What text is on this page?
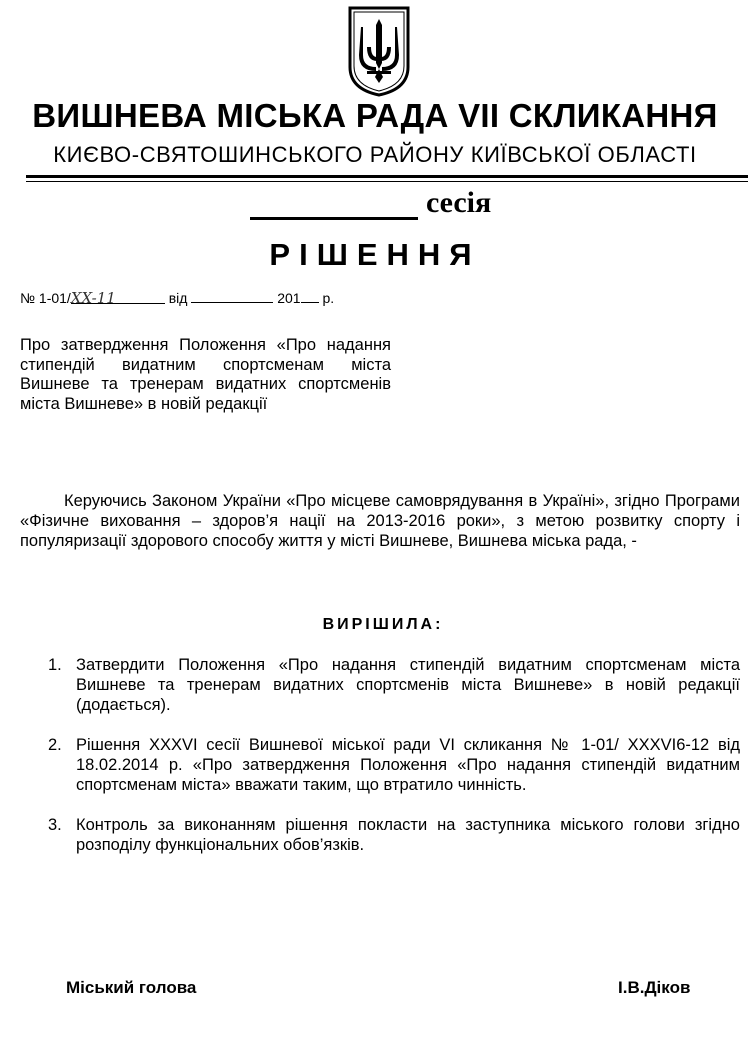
ВИШНЕВА МІСЬКА РАДА VII СКЛИКАННЯ
КИЄВО-СВЯТОШИНСЬКОГО РАЙОНУ КИЇВСЬКОЇ ОБЛАСТІ
сесія
РІШЕННЯ
№ 1-01/XX-11	від	201 р.

Про затвердження Положення «Про надання стипендій видатним спортсменам міста Вишневе та тренерам видатних спортсменів міста Вишневе» в новій редакції

Керуючись Законом України «Про місцеве самоврядування в Україні», згідно Програми «Фізичне виховання – здоров’я нації на 2013-2016 роки», з метою розвитку спорту і популяризації здорового способу життя у місті Вишневе, Вишнева міська рада, -
ВИРІШИЛА:
1. Затвердити Положення «Про надання стипендій видатним спортсменам міста Вишневе та тренерам видатних спортсменів міста Вишневе» в новій редакції (додається).
2. Рішення XXXVI сесії Вишневої міської ради VI скликання № 1-01/ XXXVI6-12 від 18.02.2014 р. «Про затвердження Положення «Про надання стипендій видатним спортсменам міста» вважати таким, що втратило чинність.
3. Контроль за виконанням рішення покласти на заступника міського голови згідно розподілу функціональних обов’язків.
Міський голова	І.В.Діков
